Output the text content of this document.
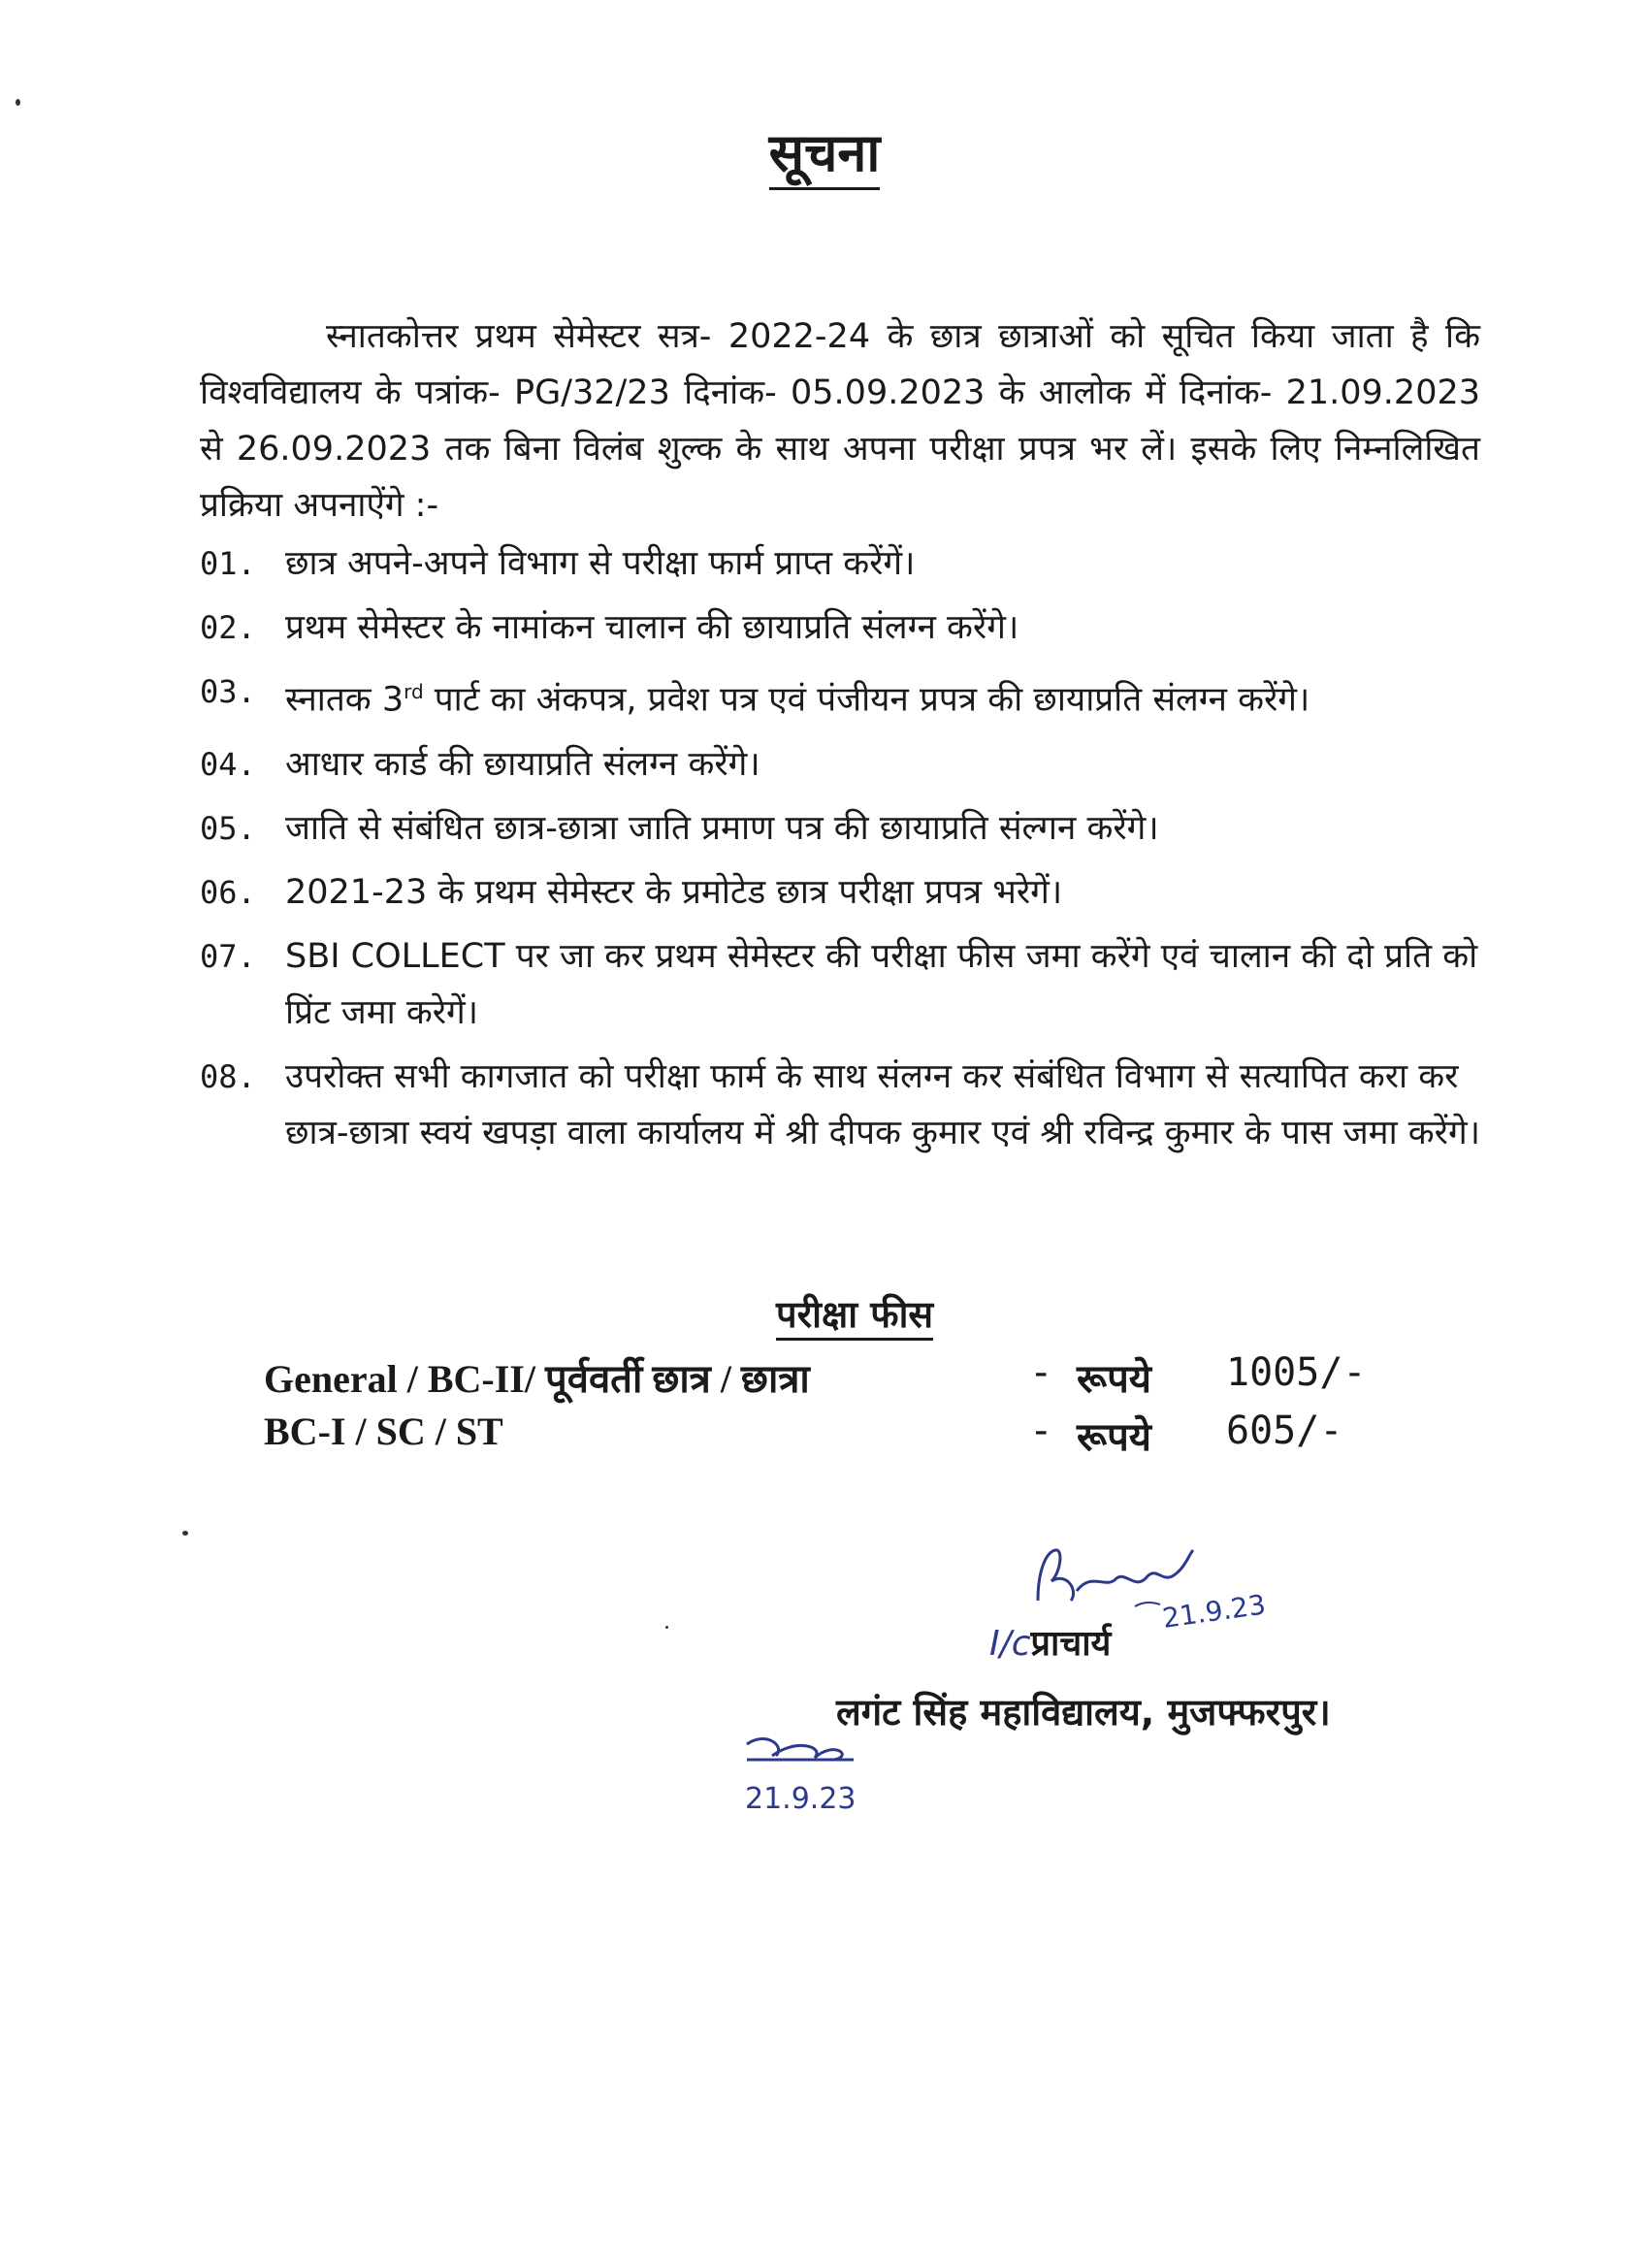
सूचना
स्नातकोत्तर प्रथम सेमेस्टर सत्र- 2022-24 के छात्र छात्राओं को सूचित किया जाता है कि विश्वविद्यालय के पत्रांक- PG/32/23 दिनांक- 05.09.2023 के आलोक में दिनांक- 21.09.2023 से 26.09.2023 तक बिना विलंब शुल्क के साथ अपना परीक्षा प्रपत्र भर लें। इसके लिए निम्नलिखित प्रक्रिया अपनाऐंगे :-
01. छात्र अपने-अपने विभाग से परीक्षा फार्म प्राप्त करेंगें।
02. प्रथम सेमेस्टर के नामांकन चालान की छायाप्रति संलग्न करेंगे।
03. स्नातक 3rd पार्ट का अंकपत्र, प्रवेश पत्र एवं पंजीयन प्रपत्र की छायाप्रति संलग्न करेंगे।
04. आधार कार्ड की छायाप्रति संलग्न करेंगे।
05. जाति से संबंधित छात्र-छात्रा जाति प्रमाण पत्र की छायाप्रति संल्गन करेंगे।
06. 2021-23 के प्रथम सेमेस्टर के प्रमोटेड छात्र परीक्षा प्रपत्र भरेगें।
07. SBI COLLECT पर जा कर प्रथम सेमेस्टर की परीक्षा फीस जमा करेंगे एवं चालान की दो प्रति को प्रिंट जमा करेगें।
08. उपरोक्त सभी कागजात को परीक्षा फार्म के साथ संलग्न कर संबंधित विभाग से सत्यापित करा कर छात्र-छात्रा स्वयं खपड़ा वाला कार्यालय में श्री दीपक कुमार एवं श्री रविन्द्र कुमार के पास जमा करेंगे।
परीक्षा फीस
General / BC-II/ पूर्ववर्ती छात्र / छात्रा	- रूपये 1005/-
BC-I / SC / ST	- रूपये 605/-
21.9.23
I/cप्राचार्य
लगंट सिंह महाविद्यालय, मुजफ्फरपुर।
21.9.23
